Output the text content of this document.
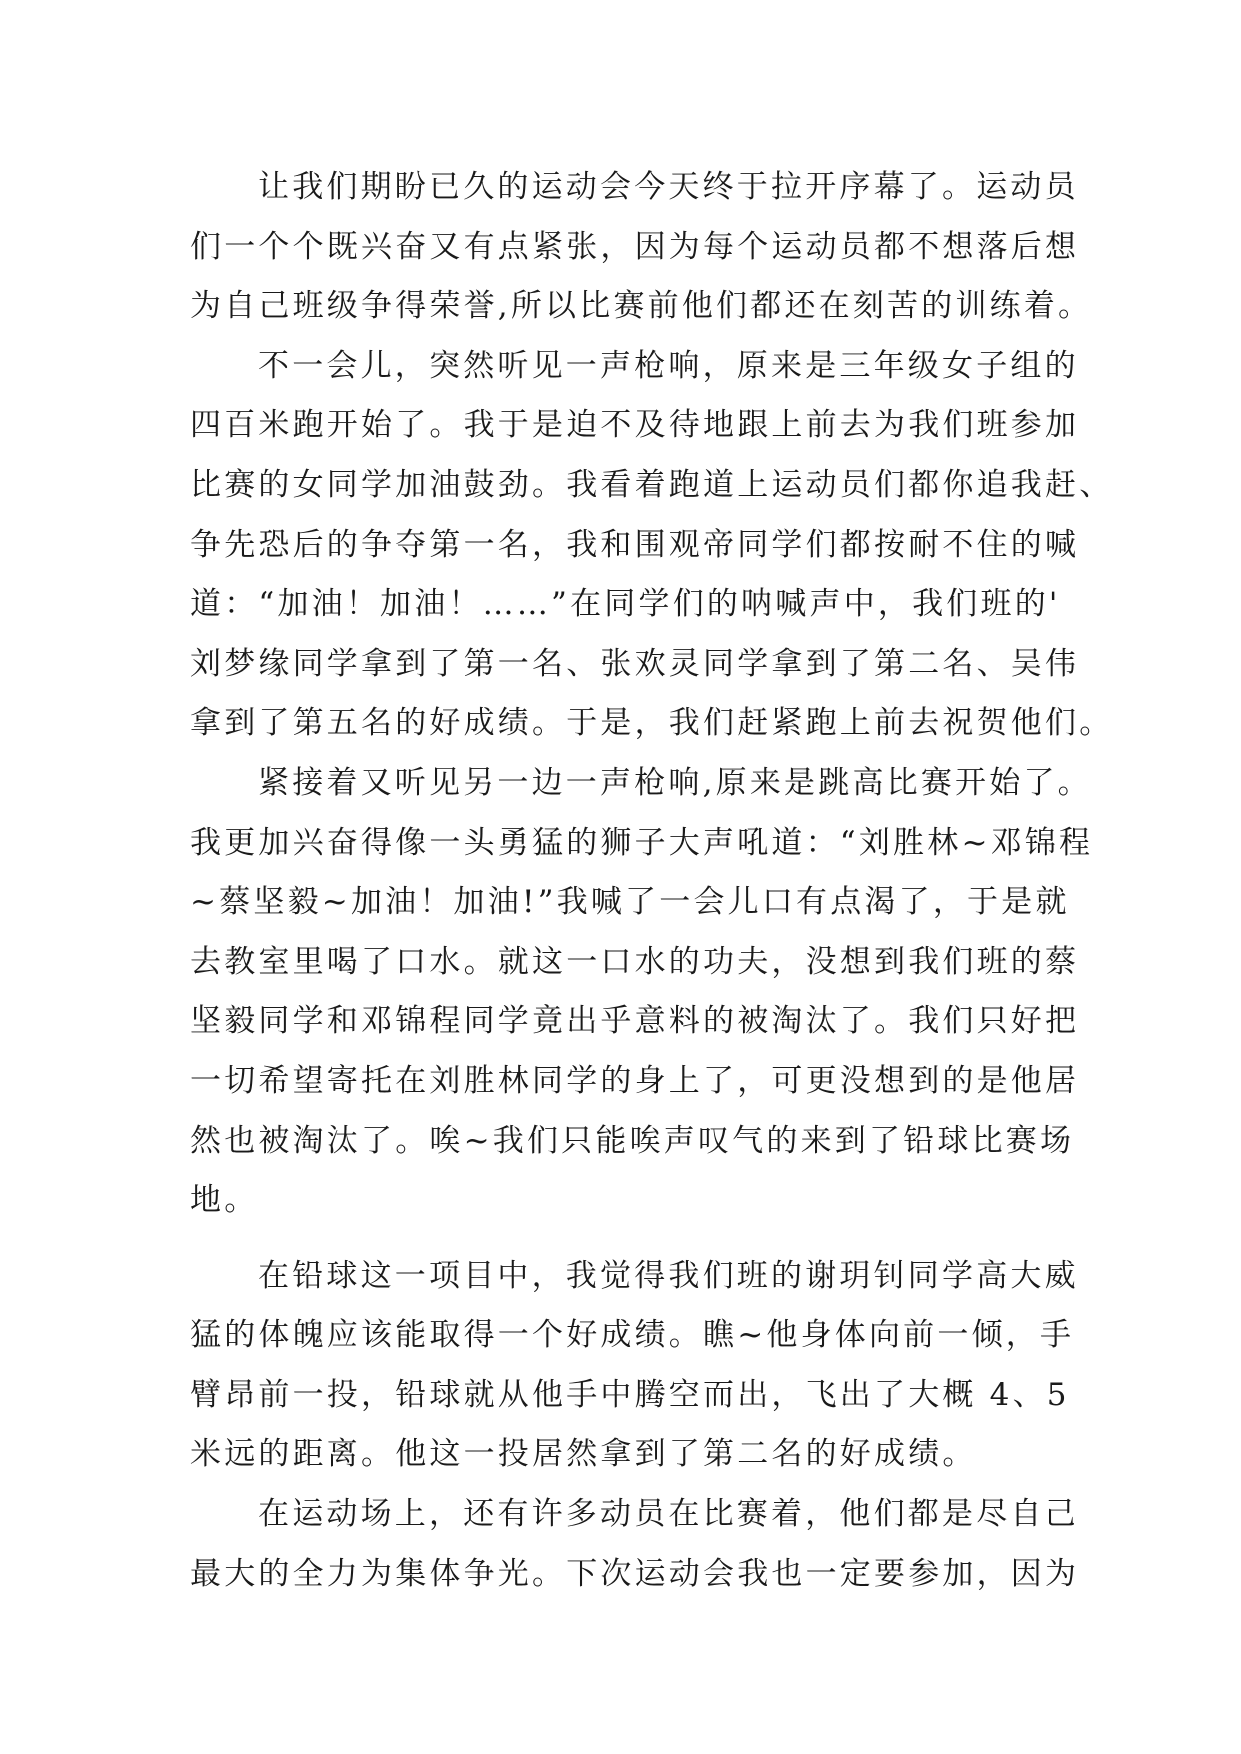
让我们期盼已久的运动会今天终于拉开序幕了。运动员
们一个个既兴奋又有点紧张，因为每个运动员都不想落后想
为自己班级争得荣誉,所以比赛前他们都还在刻苦的训练着。
不一会儿，突然听见一声枪响，原来是三年级女子组的
四百米跑开始了。我于是迫不及待地跟上前去为我们班参加
比赛的女同学加油鼓劲。我看着跑道上运动员们都你追我赶、
争先恐后的争夺第一名，我和围观帝同学们都按耐不住的喊
道：“加油！加油！……”在同学们的呐喊声中，我们班的'
刘梦缘同学拿到了第一名、张欢灵同学拿到了第二名、吴伟
拿到了第五名的好成绩。于是，我们赶紧跑上前去祝贺他们。
紧接着又听见另一边一声枪响,原来是跳高比赛开始了。
我更加兴奋得像一头勇猛的狮子大声吼道：“刘胜林~邓锦程
~蔡坚毅~加油！加油!”我喊了一会儿口有点渴了，于是就
去教室里喝了口水。就这一口水的功夫，没想到我们班的蔡
坚毅同学和邓锦程同学竟出乎意料的被淘汰了。我们只好把
一切希望寄托在刘胜林同学的身上了，可更没想到的是他居
然也被淘汰了。唉~我们只能唉声叹气的来到了铅球比赛场
地。
在铅球这一项目中，我觉得我们班的谢玥钊同学高大威
猛的体魄应该能取得一个好成绩。瞧~他身体向前一倾，手
臂昂前一投，铅球就从他手中腾空而出，飞出了大概 4、5
米远的距离。他这一投居然拿到了第二名的好成绩。
在运动场上，还有许多动员在比赛着，他们都是尽自己
最大的全力为集体争光。下次运动会我也一定要参加，因为
